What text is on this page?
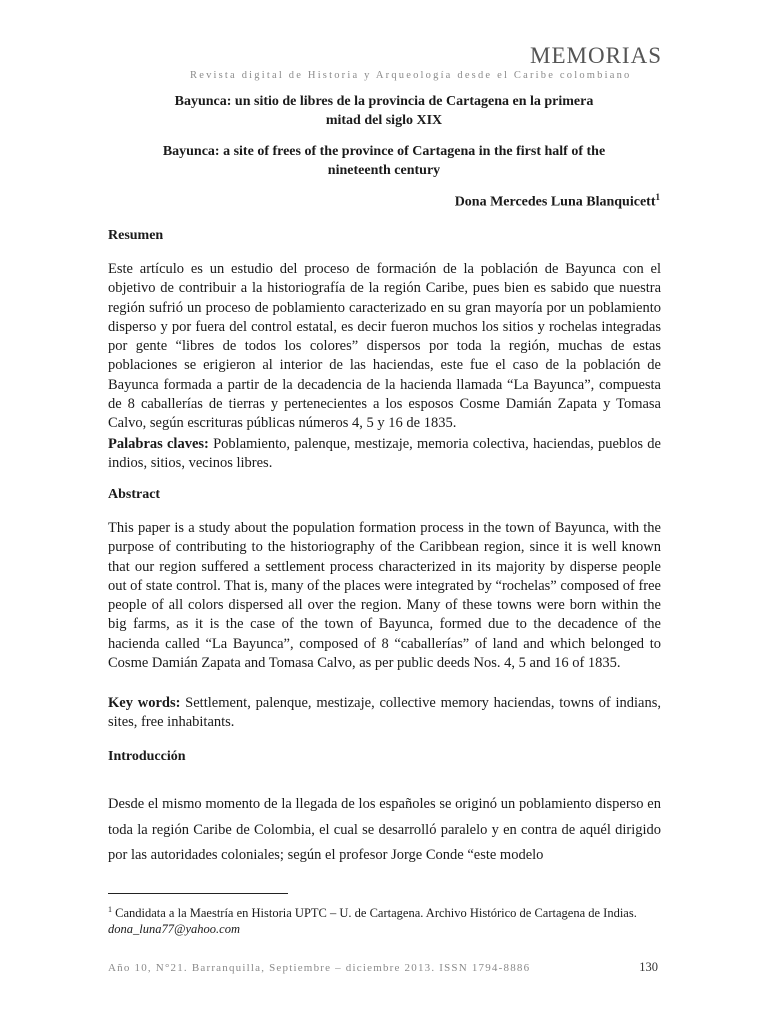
MEMORIAS
Revista digital de Historia y Arqueología desde el Caribe colombiano
Bayunca: un sitio de libres de la provincia de Cartagena en la primera mitad del siglo XIX
Bayunca: a site of frees of the province of Cartagena in the first half of the nineteenth century
Dona Mercedes Luna Blanquicett$^1$
Resumen
Este artículo es un estudio del proceso de formación de la población de Bayunca con el objetivo de contribuir a la historiografía de la región Caribe, pues bien es sabido que nuestra región sufrió un proceso de poblamiento caracterizado en su gran mayoría por un poblamiento disperso y por fuera del control estatal, es decir fueron muchos los sitios y rochelas integradas por gente “libres de todos los colores” dispersos por toda la región, muchas de estas poblaciones se erigieron al interior de las haciendas, este fue el caso de la población de Bayunca formada a partir de la decadencia de la hacienda llamada “La Bayunca”, compuesta de 8 caballerías de tierras y pertenecientes a los esposos Cosme Damián Zapata y Tomasa Calvo, según escrituras públicas números 4, 5 y 16 de 1835.
Palabras claves: Poblamiento, palenque, mestizaje, memoria colectiva, haciendas, pueblos de indios, sitios, vecinos libres.
Abstract
This paper is a study about the population formation process in the town of Bayunca, with the purpose of contributing to the historiography of the Caribbean region, since it is well known that our region suffered a settlement process characterized in its majority by disperse people out of state control. That is, many of the places were integrated by “rochelas” composed of free people of all colors dispersed all over the region. Many of these towns were born within the big farms, as it is the case of the town of Bayunca, formed due to the decadence of the hacienda called “La Bayunca”, composed of 8 “caballerías” of land and which belonged to Cosme Damián Zapata and Tomasa Calvo, as per public deeds Nos. 4, 5 and 16 of 1835.
Key words: Settlement, palenque, mestizaje, collective memory haciendas, towns of indians, sites, free inhabitants.
Introducción
Desde el mismo momento de la llegada de los españoles se originó un poblamiento disperso en toda la región Caribe de Colombia, el cual se desarrolló paralelo y en contra de aquél dirigido por las autoridades coloniales; según el profesor Jorge Conde “este modelo
$^1$ Candidata a la Maestría en Historia UPTC – U. de Cartagena. Archivo Histórico de Cartagena de Indias.
dona_luna77@yahoo.com
Año 10, N°21. Barranquilla, Septiembre – diciembre 2013. ISSN 1794-8886	130
